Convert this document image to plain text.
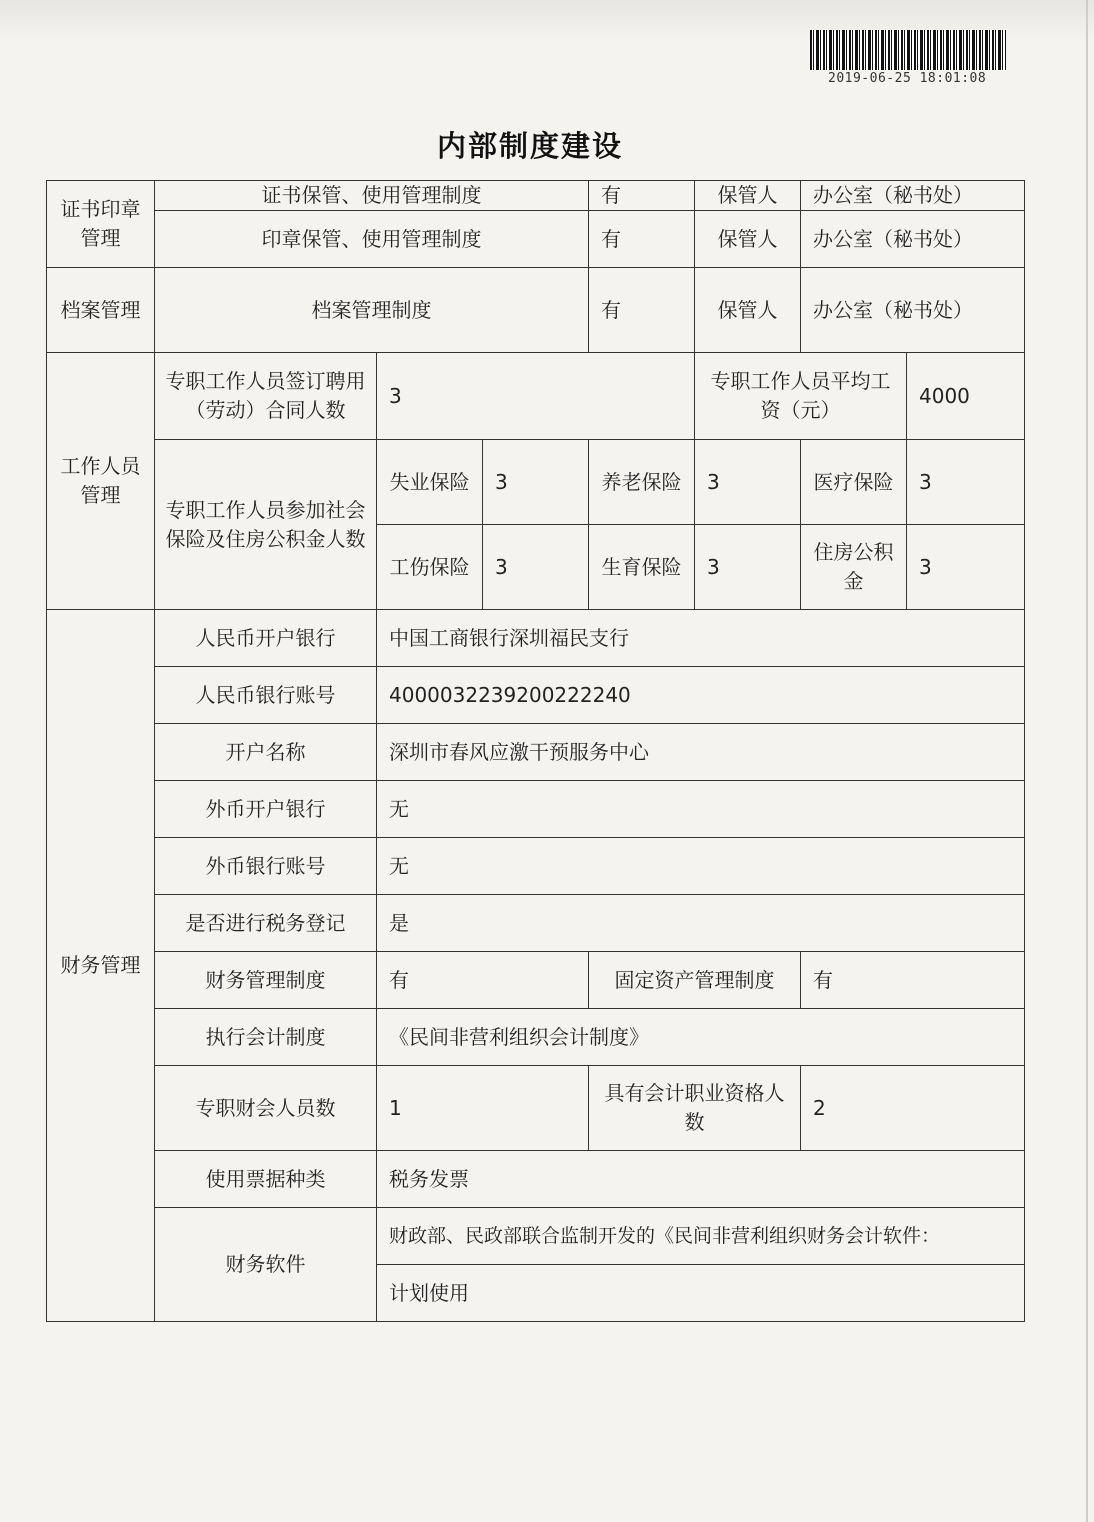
2019-06-25 18:01:08
内部制度建设
证书印章管理	证书保管、使用管理制度			有	保管人	办公室（秘书处）	
	印章保管、使用管理制度			有	保管人	办公室（秘书处）	
档案管理	档案管理制度			有	保管人	办公室（秘书处）	
工作人员管理	专职工作人员签订聘用（劳动）合同人数	3			专职工作人员平均工资（元）		4000
	专职工作人员参加社会保险及住房公积金人数	失业保险	3	养老保险	3	医疗保险	3
		工伤保险	3	生育保险	3	住房公积金	3
财务管理	人民币开户银行	中国工商银行深圳福民支行					
	人民币银行账号	4000032239200222240					
	开户名称	深圳市春风应激干预服务中心					
	外币开户银行	无					
	外币银行账号	无					
	是否进行税务登记	是					
	财务管理制度	有		固定资产管理制度		有	
	执行会计制度	《民间非营利组织会计制度》					
	专职财会人员数	1		具有会计职业资格人数		2	
	使用票据种类	税务发票					
	财务软件	财政部、民政部联合监制开发的《民间非营利组织财务会计软件：					
		计划使用					
